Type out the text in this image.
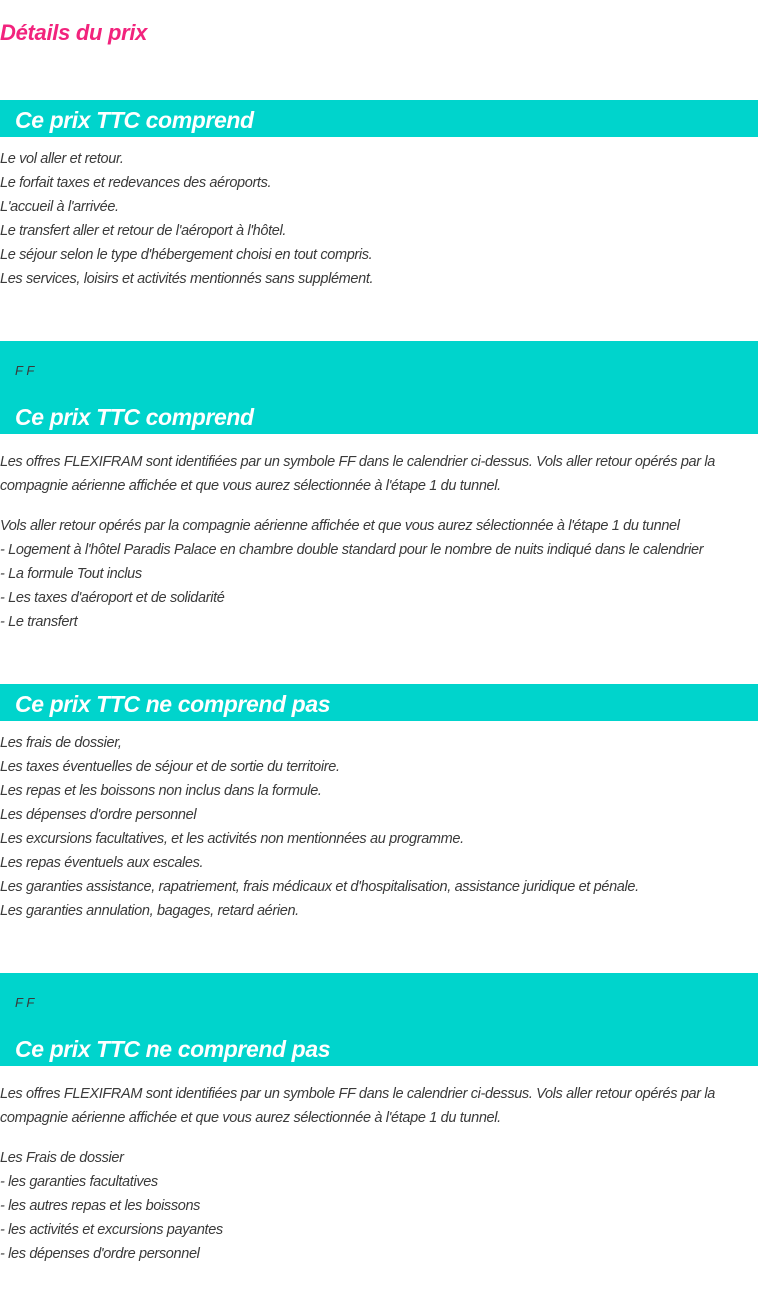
Détails du prix
Ce prix TTC comprend
Le vol aller et retour.
Le forfait taxes et redevances des aéroports.
L'accueil à l'arrivée.
Le transfert aller et retour de l'aéroport à l'hôtel.
Le séjour selon le type d'hébergement choisi en tout compris.
Les services, loisirs et activités mentionnés sans supplément.
F F
Ce prix TTC comprend

Les offres FLEXIFRAM sont identifiées par un symbole FF dans le calendrier ci-dessus. Vols aller retour opérés par la compagnie aérienne affichée et que vous aurez sélectionnée à l'étape 1 du tunnel.

Vols aller retour opérés par la compagnie aérienne affichée et que vous aurez sélectionnée à l'étape 1 du tunnel
- Logement à l'hôtel Paradis Palace en chambre double standard pour le nombre de nuits indiqué dans le calendrier
- La formule Tout inclus
- Les taxes d'aéroport et de solidarité
- Le transfert
Ce prix TTC ne comprend pas
Les frais de dossier,
Les taxes éventuelles de séjour et de sortie du territoire.
Les repas et les boissons non inclus dans la formule.
Les dépenses d'ordre personnel
Les excursions facultatives, et les activités non mentionnées au programme.
Les repas éventuels aux escales.
Les garanties assistance, rapatriement, frais médicaux et d'hospitalisation, assistance juridique et pénale.
Les garanties annulation, bagages, retard aérien.
F F
Ce prix TTC ne comprend pas

Les offres FLEXIFRAM sont identifiées par un symbole FF dans le calendrier ci-dessus. Vols aller retour opérés par la compagnie aérienne affichée et que vous aurez sélectionnée à l'étape 1 du tunnel.

Les Frais de dossier
- les garanties facultatives
- les autres repas et les boissons
- les activités et excursions payantes
- les dépenses d'ordre personnel
